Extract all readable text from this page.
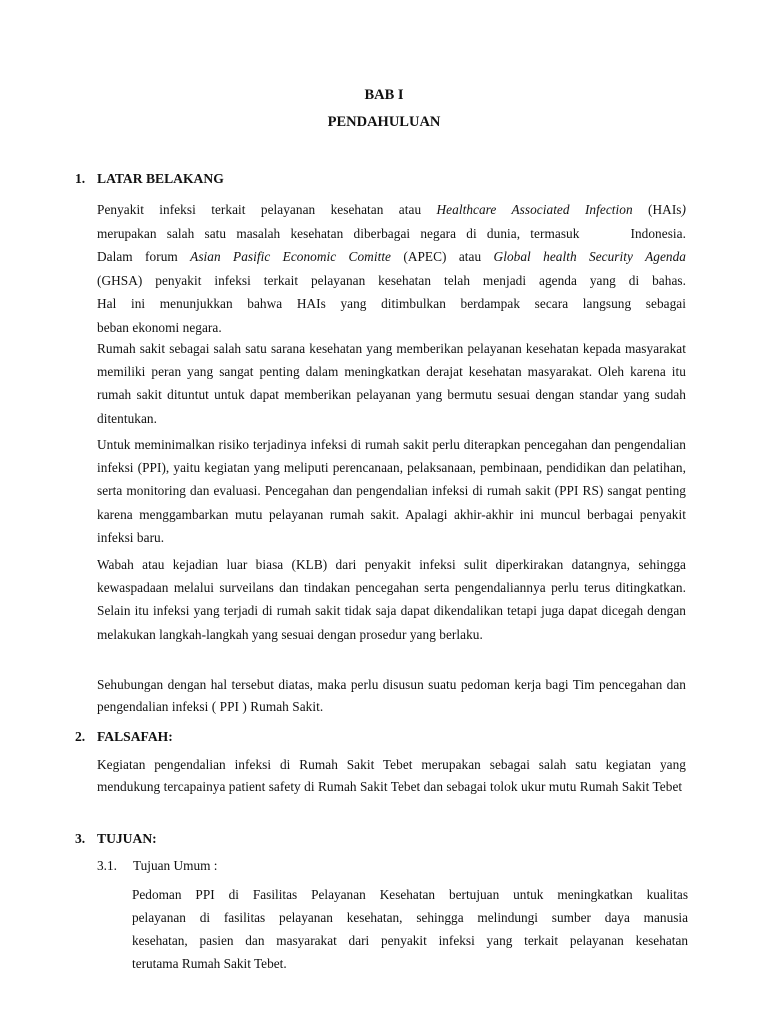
BAB I
PENDAHULUAN
1. LATAR BELAKANG
Penyakit infeksi terkait pelayanan kesehatan atau Healthcare Associated Infection (HAIs)
merupakan salah satu masalah kesehatan diberbagai negara di dunia, termasuk     Indonesia.
Dalam forum Asian Pasific Economic Comitte (APEC) atau Global health Security Agenda
(GHSA) penyakit infeksi terkait pelayanan kesehatan telah menjadi agenda yang di bahas.
Hal ini menunjukkan bahwa HAIs yang ditimbulkan berdampak secara langsung sebagai
beban ekonomi negara.
Rumah sakit sebagai salah satu sarana kesehatan yang memberikan pelayanan kesehatan kepada masyarakat memiliki peran yang sangat penting dalam meningkatkan derajat kesehatan masyarakat. Oleh karena itu rumah sakit dituntut untuk dapat memberikan pelayanan yang bermutu sesuai dengan standar yang sudah ditentukan.
Untuk meminimalkan risiko terjadinya infeksi di rumah sakit perlu diterapkan pencegahan dan pengendalian infeksi (PPI), yaitu kegiatan yang meliputi perencanaan, pelaksanaan, pembinaan, pendidikan dan pelatihan, serta monitoring dan evaluasi. Pencegahan dan pengendalian infeksi di rumah sakit (PPI RS) sangat penting karena menggambarkan mutu pelayanan rumah sakit. Apalagi akhir-akhir ini muncul berbagai penyakit infeksi baru.
Wabah atau kejadian luar biasa (KLB) dari penyakit infeksi sulit diperkirakan datangnya, sehingga kewaspadaan melalui surveilans dan tindakan pencegahan serta pengendaliannya perlu terus ditingkatkan. Selain itu infeksi yang terjadi di rumah sakit tidak saja dapat dikendalikan tetapi juga dapat dicegah dengan melakukan langkah-langkah yang sesuai dengan prosedur yang berlaku.
Sehubungan dengan hal tersebut diatas, maka perlu disusun suatu pedoman kerja bagi Tim pencegahan dan pengendalian infeksi ( PPI ) Rumah Sakit.
2. FALSAFAH:
Kegiatan pengendalian infeksi di Rumah Sakit Tebet merupakan sebagai salah satu kegiatan yang mendukung tercapainya patient safety di Rumah Sakit Tebet dan sebagai tolok ukur mutu Rumah Sakit Tebet
3. TUJUAN:
3.1. Tujuan Umum :
Pedoman PPI di Fasilitas Pelayanan Kesehatan bertujuan untuk meningkatkan kualitas
pelayanan di fasilitas pelayanan kesehatan, sehingga melindungi sumber daya manusia
kesehatan, pasien dan masyarakat dari penyakit infeksi yang terkait pelayanan kesehatan
terutama Rumah Sakit Tebet.
